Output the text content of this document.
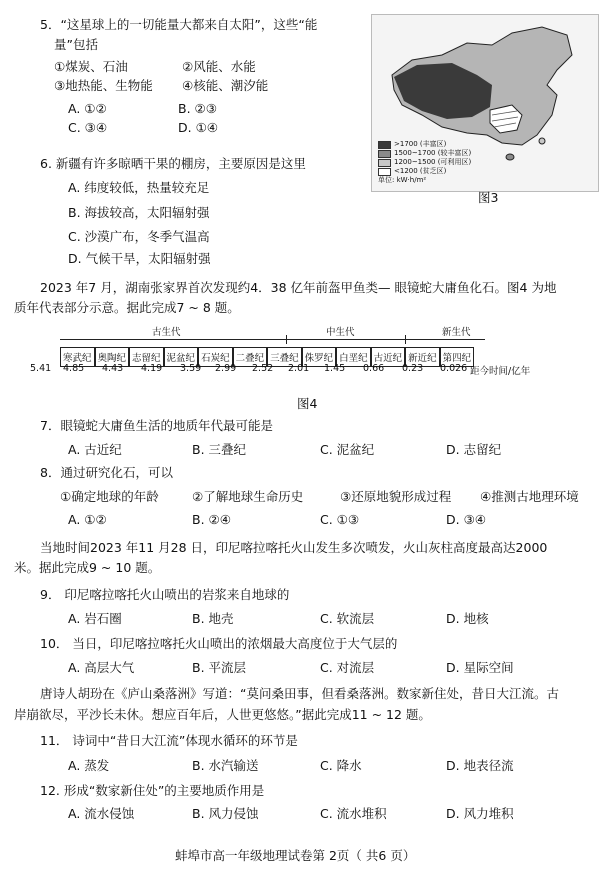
5．“这星球上的一切能量大都来自太阳”，这些“能
量”包括
①煤炭、石油	②风能、水能
③地热能、生物能 ④核能、潮汐能
A. ①②	B. ②③
C. ③④	D. ①④
>1700 (丰富区)
1500~1700 (较丰富区)
1200~1500 (可利用区)
<1200 (贫乏区)
单位: kW·h/m²
图3
6. 新疆有许多晾晒干果的棚房，主要原因是这里
A. 纬度较低，热量较充足
B. 海拔较高，太阳辐射强
C. 沙漠广布，冬季气温高
D. 气候干旱，太阳辐射强
2023 年7 月，湖南张家界首次发现约4．38 亿年前盔甲鱼类— 眼镜蛇大庸鱼化石。图4 为地
质年代表部分示意。据此完成7 ~ 8 题。
古生代	中生代	新生代
寒武纪 奥陶纪 志留纪 泥盆纪 石炭纪 二叠纪 三叠纪 侏罗纪 白垩纪 古近纪 新近纪 第四纪
5.41 4.85 4.43 4.19 3.59 2.99 2.52 2.01 1.45 0.66 0.23 0.026 距今时间/亿年
图4
7．眼镜蛇大庸鱼生活的地质年代最可能是
A. 古近纪	B. 三叠纪	C. 泥盆纪	D. 志留纪
8．通过研究化石，可以
①确定地球的年龄	②了解地球生命历史	③还原地貌形成过程 ④推测古地理环境
A. ①②	B. ②④	C. ①③	D. ③④
当地时间2023 年11 月28 日，印尼喀拉喀托火山发生多次喷发，火山灰柱高度最高达2000
米。据此完成9 ~ 10 题。
9． 印尼喀拉喀托火山喷出的岩浆来自地球的
A. 岩石圈	B. 地壳	C. 软流层	D. 地核
10． 当日，印尼喀拉喀托火山喷出的浓烟最大高度位于大气层的
A. 高层大气	B. 平流层	C. 对流层	D. 星际空间
唐诗人胡玢在《庐山桑落洲》写道：“莫问桑田事，但看桑落洲。数家新住处，昔日大江流。古
岸崩欲尽，平沙长未休。想应百年后，人世更悠悠。”据此完成11 ~ 12 题。
11． 诗词中“昔日大江流”体现水循环的环节是
A. 蒸发	B. 水汽输送	C. 降水	D. 地表径流
12. 形成“数家新住处”的主要地质作用是
A. 流水侵蚀	B. 风力侵蚀	C. 流水堆积	D. 风力堆积
蚌埠市高一年级地理试卷第 2页（ 共6 页）
